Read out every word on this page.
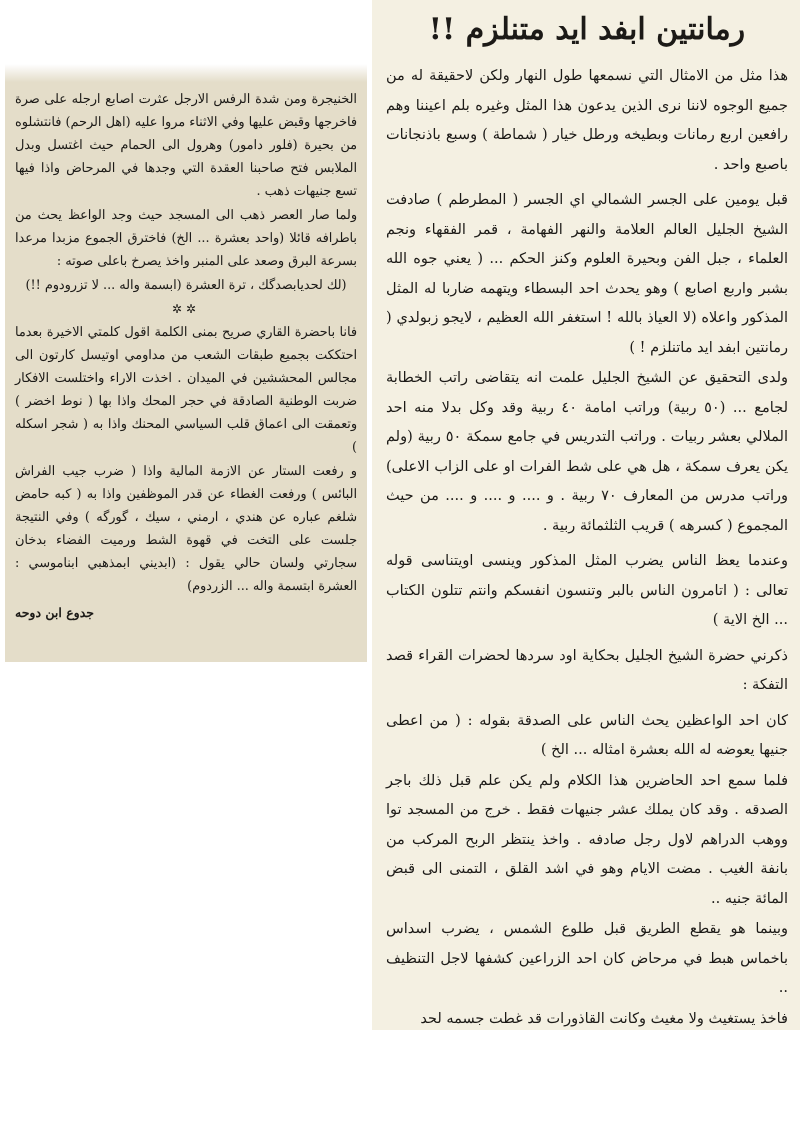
الخنيجرة ومن شدة الرفس الارجل عثرت اصابع ارجله على صرة فاخرجها وقبض عليها وفي الاثناء مروا عليه (اهل الرحم) فانتشلوه من بحيرة (فلور دامور) وهرول الى الحمام حيث اغتسل وبدل الملابس فتح صاحبنا العقدة التي وجدها في المرحاض واذا فيها تسع جنيهات ذهب .

ولما صار العصر ذهب الى المسجد حيث وجد الواعظ يحث من باطرافه قائلا (واحد بعشرة ... الخ) فاخترق الجموع مزبدا مرعدا بسرعة البرق وصعد على المنبر واخذ يصرخ باعلى صوته :

(لك لحديابصدگك ، ترة العشرة (ابسمة واله ... لا تزرودوم !!)

✲✲

فانا باحضرة القاري صريح بمنى الكلمة اقول كلمتي الاخيرة بعدما احتككت بجميع طبقات الشعب من مداومي اوتيسل كارتون الى مجالس المحششين في الميدان . اخذت الاراء واختلست الافكار ضربت الوطنية الصادقة في حجر المحك واذا بها ( نوط اخضر ) وتعمقت الى اعماق قلب السياسي المحنك واذا به ( شجر اسكله )

و رفعت الستار عن الازمة المالية واذا ( ضرب جيب الفراش البائس ) ورفعت الغطاء عن قدر الموظفين واذا به ( كبه حامض شلغم عباره عن هندي ، ارمني ، سيك ، گورگه ) وفي النتيجة جلست على التخت في قهوة الشط ورميت الفضاء بدخان سجارتي ولسان حالي يقول : (ابديني ابمذهبي ابناموسي : العشرة ابتسمة واله ... الزردوم)

جدوع ابن دوحه
رمانتين ابفد ايد متنلزم !!

هذا مثل من الامثال التي نسمعها طول النهار ولكن لاحقيقة له من جميع الوجوه لاننا نرى الذين يدعون هذا المثل وغيره بلم اعيننا وهم رافعين اربع رمانات وبطيخه ورطل خيار ( شماطة ) وسبع باذنجانات باصبع واحد .

قبل يومين على الجسر الشمالي اي الجسر ( المطرطم ) صادفت الشيخ الجليل العالم العلامة والنهر الفهامة ، قمر الفقهاء ونجم العلماء ، جبل الفن وبحيرة العلوم وكنز الحكم ... ( يعني جوه الله بشبر واربع اصابع ) وهو يحدث احد البسطاء ويتهمه ضاربا له المثل المذكور واعلاه (لا العياذ بالله ! استغفر الله العظيم ، لايجو زبولدي ( رمانتين ابفد ايد ماتنلزم ! )

ولدى التحقيق عن الشيخ الجليل علمت انه يتقاضى راتب الخطابة لجامع ... (٥٠ ربية) وراتب امامة ٤٠ ربية وقد وكل بدلا منه احد الملالي بعشر ربيات . وراتب التدريس في جامع سمكة ٥٠ ربية (ولم يكن يعرف سمكة ، هل هي على شط الفرات او على الزاب الاعلى) وراتب مدرس من المعارف ٧٠ ربية . و .... و .... و .... من حيث المجموع ( كسرهه ) قريب الثلثمائة ربية .

وعندما يعظ الناس يضرب المثل المذكور وينسى اويتناسى قوله تعالى : ( اتامرون الناس بالبر وتنسون انفسكم وانتم تتلون الكتاب ... الخ الاية )

ذكرني حضرة الشيخ الجليل بحكاية اود سردها لحضرات القراء قصد التفكة :

كان احد الواعظين يحث الناس على الصدقة بقوله : ( من اعطى جنيها يعوضه له الله بعشرة امثاله ... الخ )

فلما سمع احد الحاضرين هذا الكلام ولم يكن علم قبل ذلك باجر الصدقه . وقد كان يملك عشر جنيهات فقط . خرج من المسجد توا ووهب الدراهم لاول رجل صادفه . واخذ ينتظر الربح المركب من بانفة الغيب . مضت الايام وهو في اشد القلق ، التمنى الى قبض المائة جنيه ..

وبينما هو يقطع الطريق قبل طلوع الشمس ، يضرب اسداس باخماس هبط في مرحاض كان احد الزراعين كشفها لاجل التنظيف ..

فاخذ يستغيث ولا مغيث وكانت القاذورات قد غطت جسمه لحد
